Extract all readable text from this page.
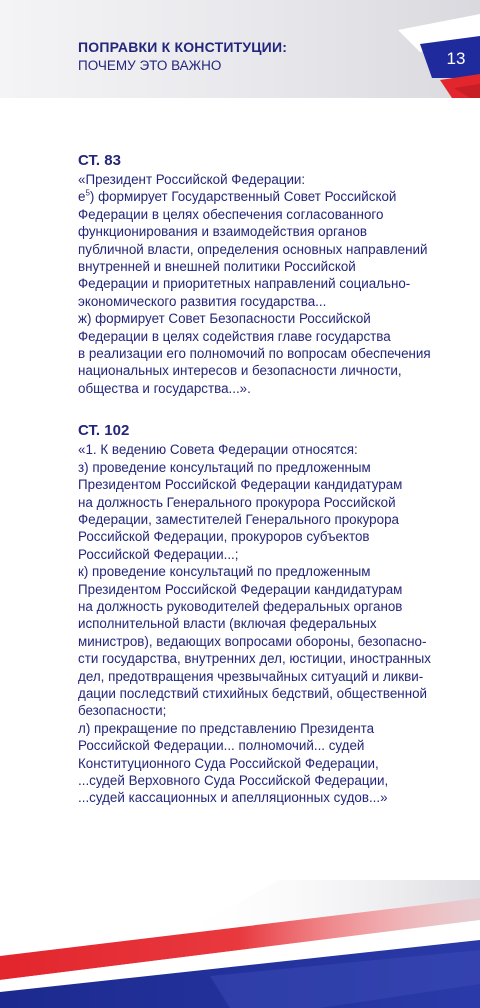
ПОПРАВКИ К КОНСТИТУЦИИ:
ПОЧЕМУ ЭТО ВАЖНО	13
СТ. 83
«Президент Российской Федерации:
$е^5$) формирует Государственный Совет Российской
Федерации в целях обеспечения согласованного
функционирования и взаимодействия органов
публичной власти, определения основных направлений
внутренней и внешней политики Российской
Федерации и приоритетных направлений социально-
экономического развития государства...
ж) формирует Совет Безопасности Российской
Федерации в целях содействия главе государства
в реализации его полномочий по вопросам обеспечения
национальных интересов и безопасности личности,
общества и государства...».
СТ. 102
«1. К ведению Совета Федерации относятся:
з) проведение консультаций по предложенным
Президентом Российской Федерации кандидатурам
на должность Генерального прокурора Российской
Федерации, заместителей Генерального прокурора
Российской Федерации, прокуроров субъектов
Российской Федерации...;
к) проведение консультаций по предложенным
Президентом Российской Федерации кандидатурам
на должность руководителей федеральных органов
исполнительной власти (включая федеральных
министров), ведающих вопросами обороны, безопасно-
сти государства, внутренних дел, юстиции, иностранных
дел, предотвращения чрезвычайных ситуаций и ликви-
дации последствий стихийных бедствий, общественной
безопасности;
л) прекращение по представлению Президента
Российской Федерации... полномочий... судей
Конституционного Суда Российской Федерации,
...судей Верховного Суда Российской Федерации,
...судей кассационных и апелляционных судов...»
